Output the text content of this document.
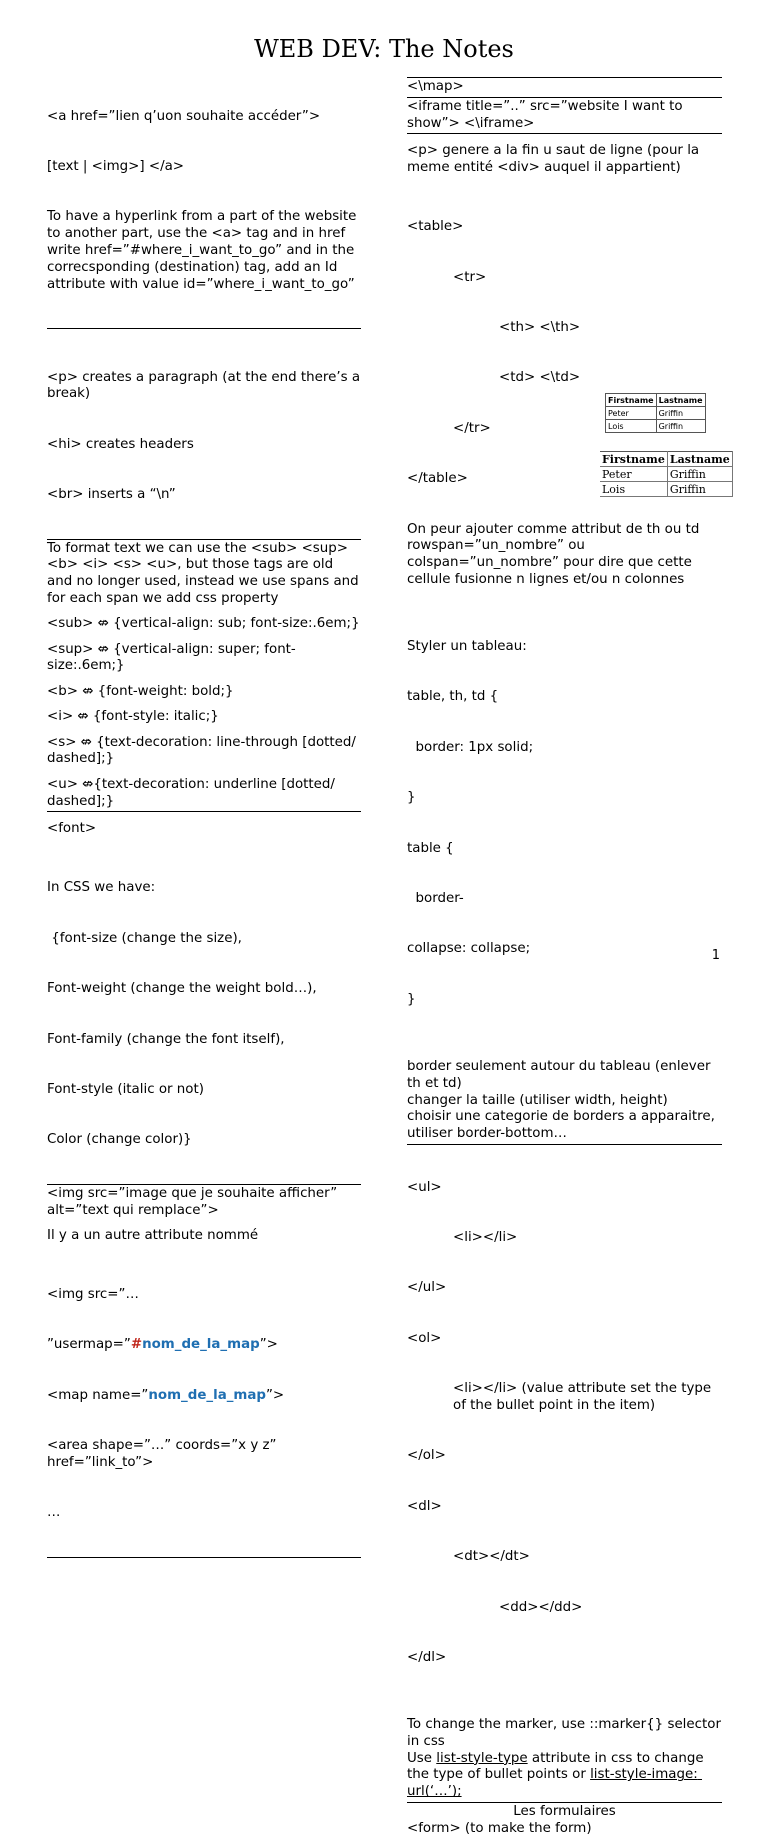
WEB DEV: The Notes

<a href=”lien q’uon souhaite accéder”>

[text | <img>] </a>

To have a hyperlink from a part of the website to another part, use the <a> tag and in href write href=”#where_i_want_to_go” and in the correcsponding (destination) tag, add an Id attribute with value id=”where_i_want_to_go”

<p> creates a paragraph (at the end there’s a break)

<hi> creates headers

<br> inserts a “\n”

To format text we can use the <sub> <sup> <b> <i> <s> <u>, but those tags are old and no longer used, instead we use spans and for each span we add css property
<sub> ⇎ {vertical-align: sub; font-size:.6em;}
<sup> ⇎ {vertical-align: super; font-size:.6em;}
<b> ⇎ {font-weight: bold;}
<i> ⇎ {font-style: italic;}
<s> ⇎ {text-decoration: line-through [dotted/ dashed];}
<u> ⇎{text-decoration: underline [dotted/ dashed];}
<font>

In CSS we have:

{font-size (change the size),

Font-weight (change the weight bold…),

Font-family (change the font itself),

Font-style (italic or not)

Color (change color)}

<img src=”image que je souhaite afficher” alt=”text qui remplace”>
Il y a un autre attribute nommé

<img src=”…

”usermap=”#nom_de_la_map”>

<map name=”nom_de_la_map”>

<area shape=”…” coords=”x y z” href=”link_to”>

…

<\map>
<iframe title=”..” src=”website I want to show”> <\iframe>
<p> genere a la fin u saut de ligne (pour la meme entité <div> auquel il appartient)

<table>

<tr>

<th> <\th>

<td> <\td>

</tr>

</table>

On peur ajouter comme attribut de th ou td rowspan=”un_nombre” ou colspan=”un_nombre” pour dire que cette cellule fusionne n lignes et/ou n colonnes

Styler un tableau:

table, th, td {

border: 1px solid;

}

table {

border-

collapse: collapse;

}

border seulement autour du tableau (enlever th et td)
changer la taille (utiliser width, height)
choisir une categorie de borders a apparaitre, utiliser border-bottom…

<ul>

<li></li>

</ul>

<ol>

<li></li> (value attribute set the type of the bullet point in the item)

</ol>

<dl>

<dt></dt>

<dd></dd>

</dl>

To change the marker, use ::marker{} selector in css
Use list-style-type attribute in css to change the type of bullet points or list-style-image: url(‘…’);
Les formulaires
<form> (to make the form)
Firstname	Lastname
Peter	Griffin
Lois	Griffin
Firstname	Lastname
Peter	Griffin
Lois	Griffin
1
